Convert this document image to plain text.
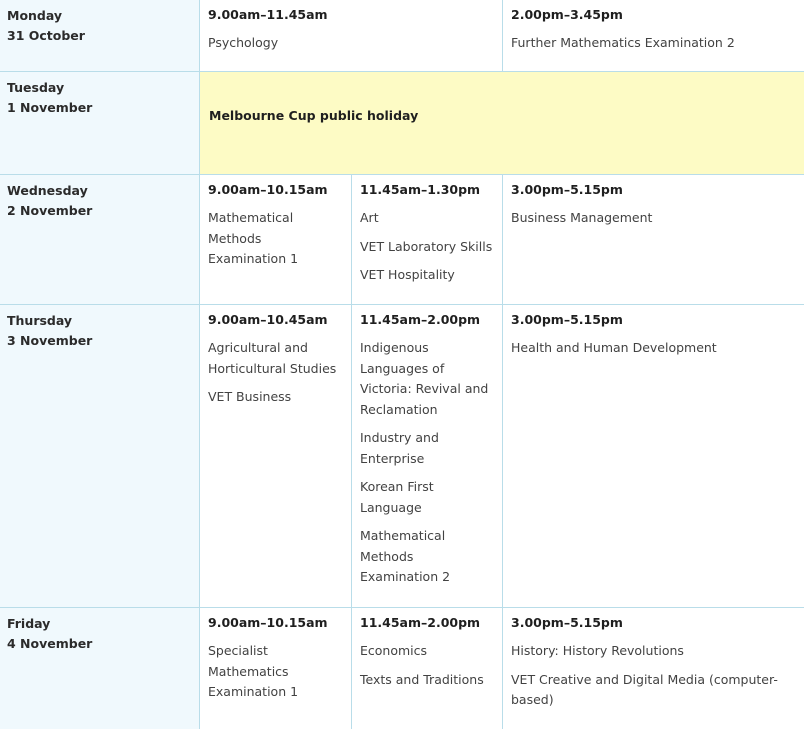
Monday
31 October
9.00am–11.45am
Psychology
2.00pm–3.45pm
Further Mathematics Examination 2
Tuesday
1 November
Melbourne Cup public holiday
Wednesday
2 November
9.00am–10.15am
Mathematical Methods Examination 1
11.45am–1.30pm
Art
VET Laboratory Skills
VET Hospitality
3.00pm–5.15pm
Business Management
Thursday
3 November
9.00am–10.45am
Agricultural and Horticultural Studies
VET Business
11.45am–2.00pm
Indigenous Languages of Victoria: Revival and Reclamation
Industry and Enterprise
Korean First Language
Mathematical Methods Examination 2
3.00pm–5.15pm
Health and Human Development
Friday
4 November
9.00am–10.15am
Specialist Mathematics Examination 1
11.45am–2.00pm
Economics
Texts and Traditions
3.00pm–5.15pm
History: History Revolutions
VET Creative and Digital Media (computer-based)
